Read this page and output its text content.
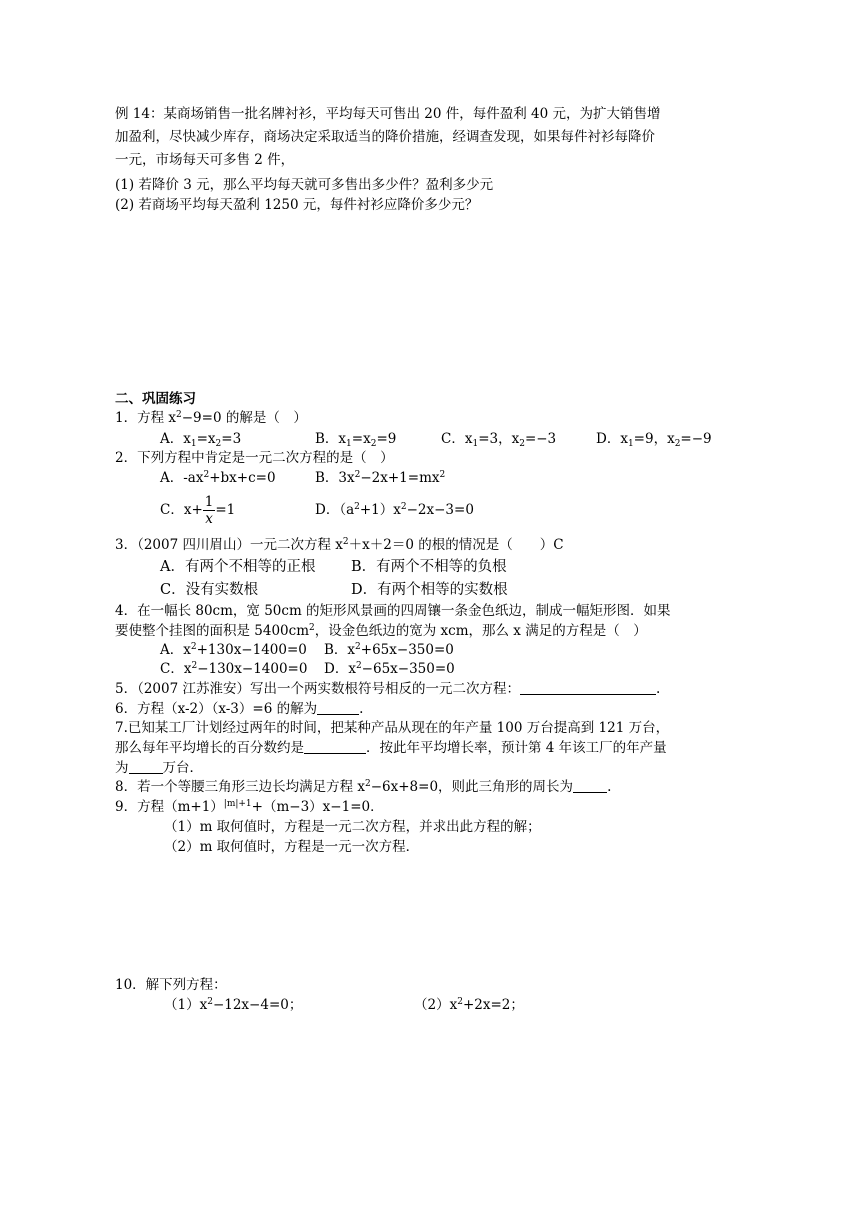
例 14：某商场销售一批名牌衬衫，平均每天可售出 20 件，每件盈利 40 元，为扩大销售增
加盈利，尽快减少库存，商场决定采取适当的降价措施，经调查发现，如果每件衬衫每降价
一元，市场每天可多售 2 件，
(1) 若降价 3 元，那么平均每天就可多售出多少件？盈利多少元
(2) 若商场平均每天盈利 1250 元，每件衬衫应降价多少元？
二、巩固练习
1．方程 $x^2-9=0$ 的解是（　）
A．$x_1=x_2=3$	B．$x_1=x_2=9$	C．$x_1=3$，$x_2=-3$	D．$x_1=9$，$x_2=-9$
2．下列方程中肯定是一元二次方程的是（　）
A．$-ax^2+bx+c=0$	B．$3x^2-2x+1=mx^2$
C．$x+ \frac{1}{x} =1$	D．$(a^2+1)x^2-2x-3=0$
3．（2007 四川眉山）一元二次方程 $x^2+x+2=0$ 的根的情况是（　　）C
A．有两个不相等的正根 B．有两个不相等的负根
C．没有实数根	D．有两个相等的实数根
4．在一幅长 80cm，宽 50cm 的矩形风景画的四周镶一条金色纸边，制成一幅矩形图．如果
要使整个挂图的面积是 $5400cm^2$，设金色纸边的宽为 xcm，那么 x 满足的方程是（　）
A．$x^2+130x-1400=0$ B．$x^2+65x-350=0$
C．$x^2-130x-1400=0$ D．$x^2-65x-350=0$
5．（2007 江苏淮安）写出一个两实数根符号相反的一元二次方程：	.
6．方程（x-2）（x-3）=6 的解为	.
7.已知某工厂计划经过两年的时间，把某种产品从现在的年产量 100 万台提高到 121 万台，
那么每年平均增长的百分数约是	．按此年平均增长率，预计第 4 年该工厂的年产量
为	万台．
8．若一个等腰三角形三边长均满足方程 $x^2-6x+8=0$，则此三角形的周长为	.
9．方程$(m+1)^{|m|+1}+(m-3)x-1=0$．
（1）m 取何值时，方程是一元二次方程，并求出此方程的解；
（2）m 取何值时，方程是一元一次方程．
10．解下列方程：
$(1)x^2-12x-4=0$；	$(2)x^2+2x=2$；
